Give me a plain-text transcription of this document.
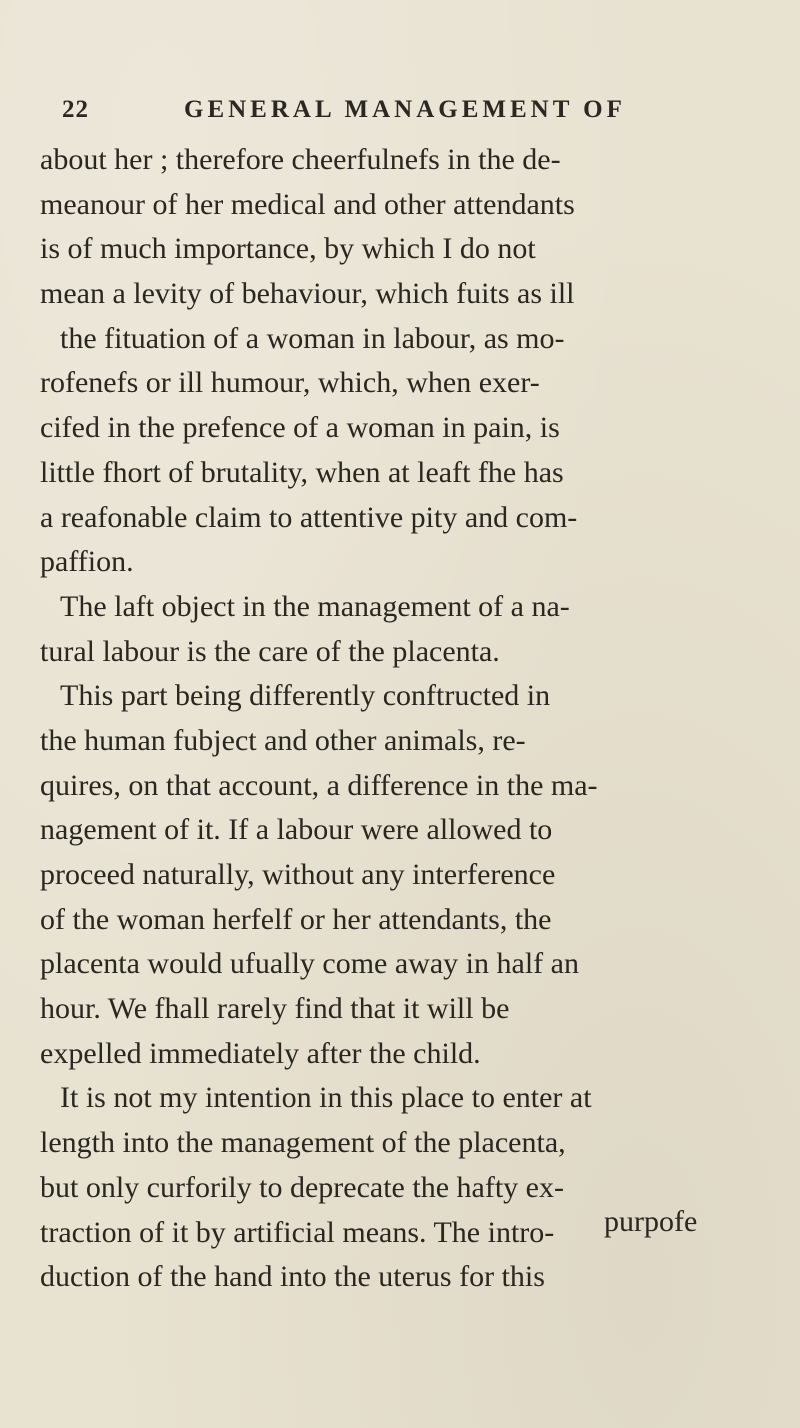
22	GENERAL MANAGEMENT OF
about her ; therefore cheerfulnefs in the de-
meanour of her medical and other attendants
is of much importance, by which I do not
mean a levity of behaviour, which fuits as ill
the fituation of a woman in labour, as mo-
rofenefs or ill humour, which, when exer-
cifed in the prefence of a woman in pain, is
little fhort of brutality, when at leaft fhe has
a reafonable claim to attentive pity and com-
paffion.
The laft object in the management of a na-
tural labour is the care of the placenta.
This part being differently conftructed in
the human fubject and other animals, re-
quires, on that account, a difference in the ma-
nagement of it. If a labour were allowed to
proceed naturally, without any interference
of the woman herfelf or her attendants, the
placenta would ufually come away in half an
hour. We fhall rarely find that it will be
expelled immediately after the child.
It is not my intention in this place to enter at
length into the management of the placenta,
but only curforily to deprecate the hafty ex-
traction of it by artificial means. The intro-
duction of the hand into the uterus for this
purpofe
